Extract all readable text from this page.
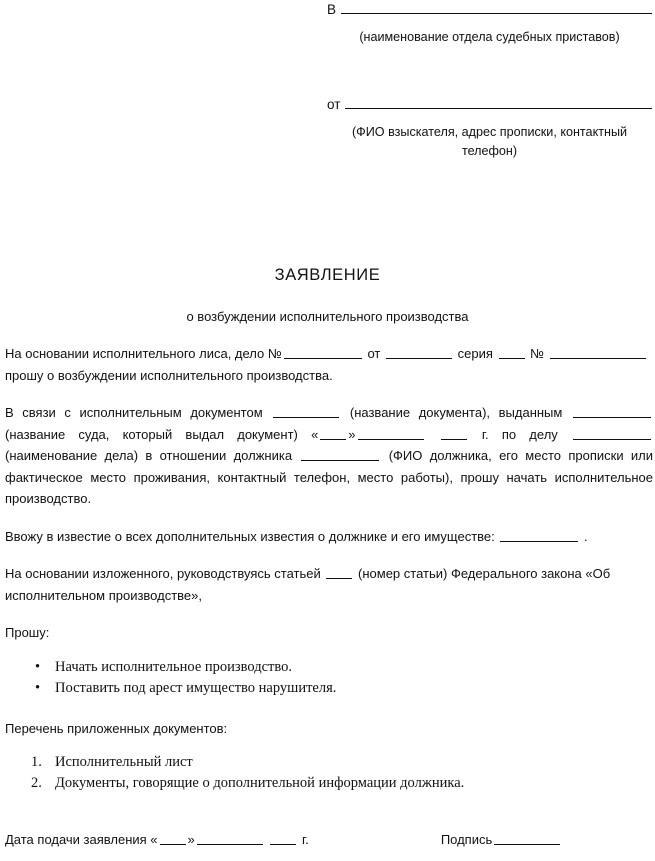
В
(наименование отдела судебных приставов)
от
(ФИО взыскателя, адрес прописки, контактный телефон)
ЗАЯВЛЕНИЕ
о возбуждении исполнительного производства

На основании исполнительного лиса, дело №	от	серия	№
прошу о возбуждении исполнительного производства.

В связи с исполнительным документом	(название документа), выданным  (название суда, который выдал документ) « »	г. по делу  (наименование дела) в отношении должника	(ФИО должника, его место прописки или фактическое место проживания, контактный телефон, место работы), прошу начать исполнительное производство.

Ввожу в известие о всех дополнительных известия о должнике и его имуществе:	.

На основании изложенного, руководствуясь статьей	(номер статьи) Федерального закона «Об исполнительном производстве»,

Прошу:

• Начать исполнительное производство.
• Поставить под арест имущество нарушителя.

Перечень приложенных документов:

1. Исполнительный лист
2. Документы, говорящие о дополнительной информации должника.
Дата подачи заявления « »	г.	Подпись
